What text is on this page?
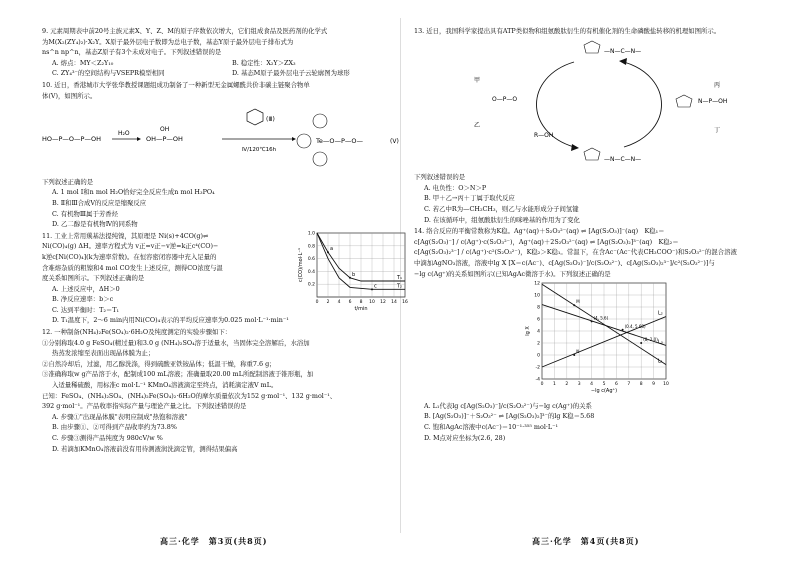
9. 元素周期表中前20号主族元素X、Y、Z、M的原子序数依次增大，它们组成食品及医药剂的化学式
为M(X₂(ZY₄)₂)·X₂Y。X原子最外层电子数即为总电子数，基态Y原子最外层电子排布式为
ns^n np^n，基态Z原子有3个未成对电子。下列叙述错误的是
A. 熔点：MY＜Z₂Y₁₀	B. 稳定性：X₂Y＞ZX₃
C. ZY₄³⁻的空间结构与VSEPR模型相同	D. 基态M原子最外层电子云轮廓图为球形
10. 近日，香港城市大学张华教授课题组成功制备了一种新型无金属螺酰共价非碳主链聚合物单
体(Ⅴ)，如图所示。
HO—P—O—P—OH
H₂O
OH—P—OH
OH
(Ⅲ)
Ⅳ/120℃16h
Te—O—P—O—	(Ⅴ)
下列叙述正确的是
A. 1 mol Ⅰ和n mol H₂O恰好完全反应生成n mol H₃PO₄
B. Ⅱ和Ⅲ合成Ⅴ的反应是缩聚反应
C. 有机物Ⅲ属于芳香烃
D. 乙二醇是有机物Ⅳ的同系物
11. 工业上常用羰基法提纯镍，其原理是 Ni(s)+4CO(g)⇌
Ni(CO)₄(g) ΔH。速率方程式为 v正=v正−v逆=k正c⁴(CO)−
k逆c[Ni(CO)₄](k为速率常数)。在恒容密闭容器中充入足量的
含难熔杂质的粗镍和4 mol CO发生上述反应，测得CO浓度与温
度关系如图所示。下列叙述正确的是
A. 上述反应中，ΔH＞0
B. 净反应速率：b＞c
C. 达到平衡时：T₂＝T₁
D. T₁温度下，2～6 min内用Ni(CO)₄表示的平均反应速率为0.025 mol·L⁻¹·min⁻¹
0 2 4 6 8 10 12 14 16
0.2
0.4
0.6
0.8
1.0
T₁
T₂
t/min
c(CO)/mol·L⁻¹	a
b
c
12. 一种制备(NH₄)₂Fe(SO₄)₂·6H₂O及纯度测定的实验步骤如下：
①分别称取4.0 g FeSO₄(精过量)和3.0 g (NH₄)₂SO₄溶于适量水，当固体完全溶解后，水浴加
热蒸发浓缩至表面出现晶体膜为止；
②自然冷却后，过滤，用乙醇洗涤，得到硫酸亚铁铵晶体；低温干燥，称重7.6 g；
③准确称取w g产品溶于水，配制成100 mL溶液；准确量取20.00 mL所配制溶液于锥形瓶，加
入适量稀硫酸，用标准c mol·L⁻¹ KMnO₄溶液滴定至终点，消耗滴定液V mL。
已知：FeSO₄、(NH₄)₂SO₄、(NH₄)₂Fe(SO₄)₂·6H₂O的摩尔质量依次为152 g·mol⁻¹、132 g·mol⁻¹、
392 g·mol⁻¹。产品收率指实际产量与理论产量之比。下列叙述错误的是
A. 步骤①"出现晶体膜"表明应制成"热饱和溶液"
B. 由步骤①、②可得到产品收率约为73.8%
C. 步骤③测得产品纯度为 980cV/w %
D. 若滴加KMnO₄溶液前没有用待测液润洗滴定管，测得结果偏高
13. 近日，我国科学家提出具有ATP类似物和组氨酸肽衍生的有机催化剂的生命磷酸盐转移的机理如图所示。
甲
乙
丙
丁
R—OH
O—P—O
—N—C—N—
—N—C—N—
N—P—OH
下列叙述错误的是
A. 电负性：O＞N＞P
B. 甲＋乙→丙＋丁属于取代反应
C. 若乙中R为—CH₂CH₃，则乙与水能形成分子间氢键
D. 在该循环中，组氨酸肽衍生的咪唑基的作用为了变化
14. 络合反应的平衡常数称为K稳。Ag⁺(aq)＋S₂O₃²⁻(aq) ⇌ [Ag(S₂O₃)]⁻(aq)　K稳₁＝
c[Ag(S₂O₃)⁻] / c(Ag⁺)·c(S₂O₃²⁻)，Ag⁺(aq)＋2S₂O₃²⁻(aq) ⇌ [Ag(S₂O₃)₂]³⁻(aq)　K稳₂＝
c[Ag(S₂O₃)₂³⁻] / c(Ag⁺)·c²(S₂O₃²⁻)，K稳₂＞K稳₁。常温下，在含Ac⁻(Ac⁻代表CH₃COO⁻)和S₂O₃²⁻的混合溶液
中滴加AgNO₃溶液，溶液中lg X [X＝c(Ac⁻)、c[Ag(S₂O₃)⁻]/c(S₂O₃²⁻)、c[Ag(S₂O₃)₂³⁻]/c²(S₂O₃²⁻)]与
−lg c(Ag⁺)的关系如图所示(已知AgAc微溶于水)。下列叙述正确的是
0 1 2 3 4 5 6 7 8 9 10
-4
-2
0
2
4
6
8
10
12
L₁
L₂
L₃
−lg c(Ag⁺)
lg X
M
N
(8, 2.0)
(4, 5.6)
(0.4, 5.68)
A. L₁代表lg c[Ag(S₂O₃)⁻]/c(S₂O₃²⁻)与−lg c(Ag⁺)的关系
B. [Ag(S₂O₃)]⁻＋S₂O₃²⁻ ⇌ [Ag(S₂O₃)₂]³⁻的lg K稳＝5.68
C. 饱和AgAc溶液中c(Ac⁻)＝10⁻¹·³⁵⁵ mol·L⁻¹
D. M点对应坐标为(2.6, 28)
高三·化学　第3页(共8页)	高三·化学　第4页(共8页)
